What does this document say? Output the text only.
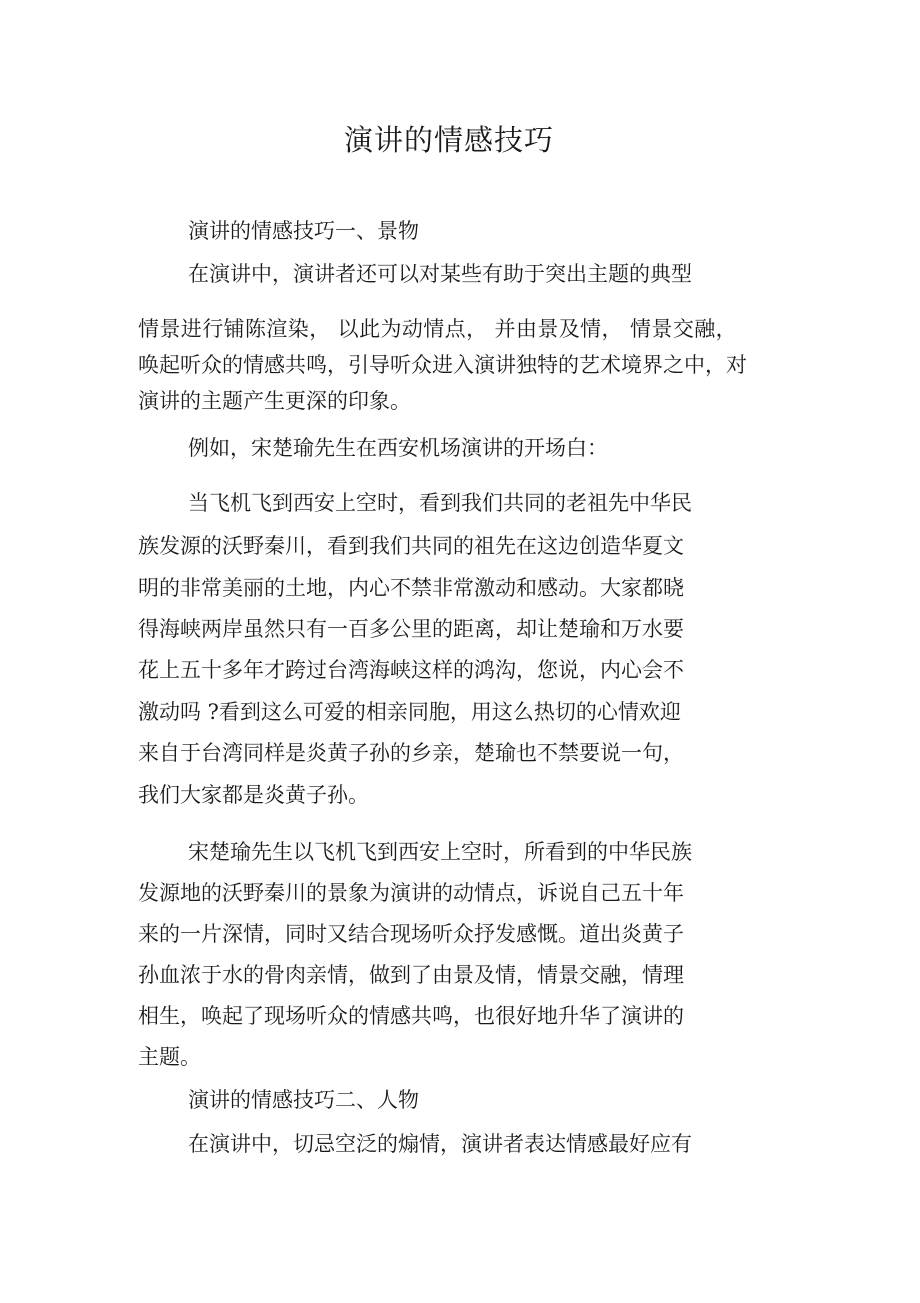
演讲的情感技巧

演讲的情感技巧一、景物

在演讲中，演讲者还可以对某些有助于突出主题的典型

情景进行铺陈渲染， 以此为动情点， 并由景及情， 情景交融，

唤起听众的情感共鸣，引导听众进入演讲独特的艺术境界之中，对

演讲的主题产生更深的印象。

例如，宋楚瑜先生在西安机场演讲的开场白：

当飞机飞到西安上空时，看到我们共同的老祖先中华民

族发源的沃野秦川，看到我们共同的祖先在这边创造华夏文

明的非常美丽的土地，内心不禁非常激动和感动。大家都晓

得海峡两岸虽然只有一百多公里的距离，却让楚瑜和万水要

花上五十多年才跨过台湾海峡这样的鸿沟，您说，内心会不

激动吗 ?看到这么可爱的相亲同胞，用这么热切的心情欢迎

来自于台湾同样是炎黄子孙的乡亲，楚瑜也不禁要说一句，

我们大家都是炎黄子孙。

宋楚瑜先生以飞机飞到西安上空时，所看到的中华民族

发源地的沃野秦川的景象为演讲的动情点，诉说自己五十年

来的一片深情，同时又结合现场听众抒发感慨。道出炎黄子

孙血浓于水的骨肉亲情，做到了由景及情，情景交融，情理

相生，唤起了现场听众的情感共鸣，也很好地升华了演讲的

主题。

演讲的情感技巧二、人物

在演讲中，切忌空泛的煽情，演讲者表达情感最好应有
